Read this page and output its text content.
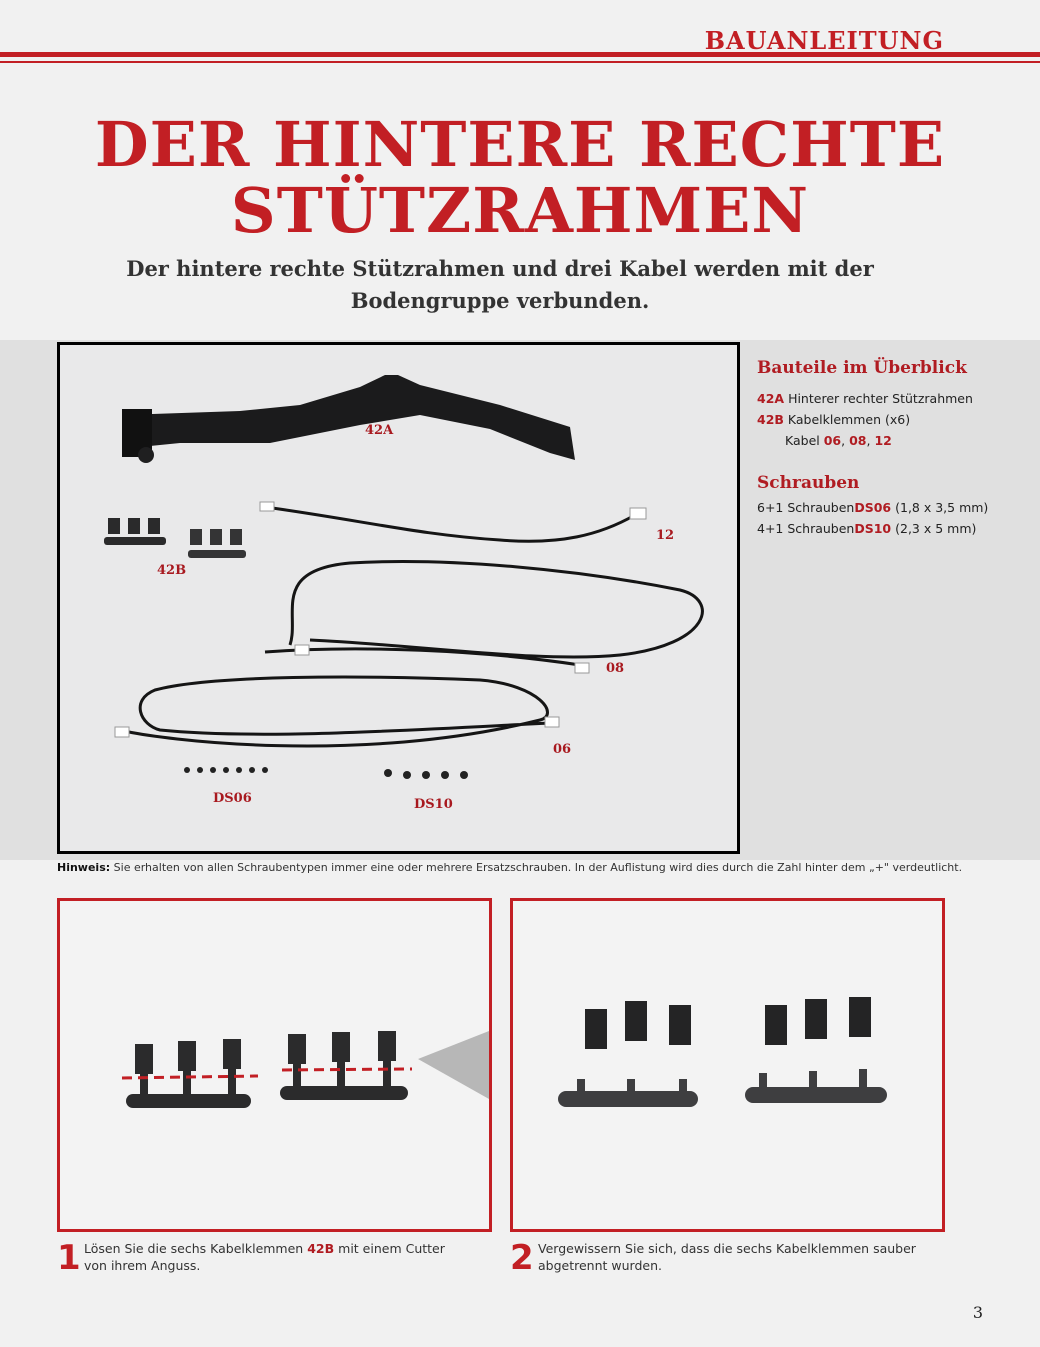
BAUANLEITUNG
DER HINTERE RECHTE
STÜTZRAHMEN
Der hintere rechte Stützrahmen und drei Kabel werden mit der
Bodengruppe verbunden.
42A
42B
12
08
06
DS06	DS10
Bauteile im Überblick
42A Hinterer rechter Stützrahmen
42B Kabelklemmen (x6)
Kabel 06, 08, 12
Schrauben
6+1 SchraubenDS06 (1,8 x 3,5 mm)
4+1 SchraubenDS10 (2,3 x 5 mm)
Hinweis: Sie erhalten von allen Schraubentypen immer eine oder mehrere Ersatzschrauben. In der Auflistung wird dies durch die Zahl hinter dem „+" verdeutlicht.
1 Lösen Sie die sechs Kabelklemmen 42B mit einem Cutter von ihrem Anguss.	2 Vergewissern Sie sich, dass die sechs Kabelklemmen sauber abgetrennt wurden.
3
